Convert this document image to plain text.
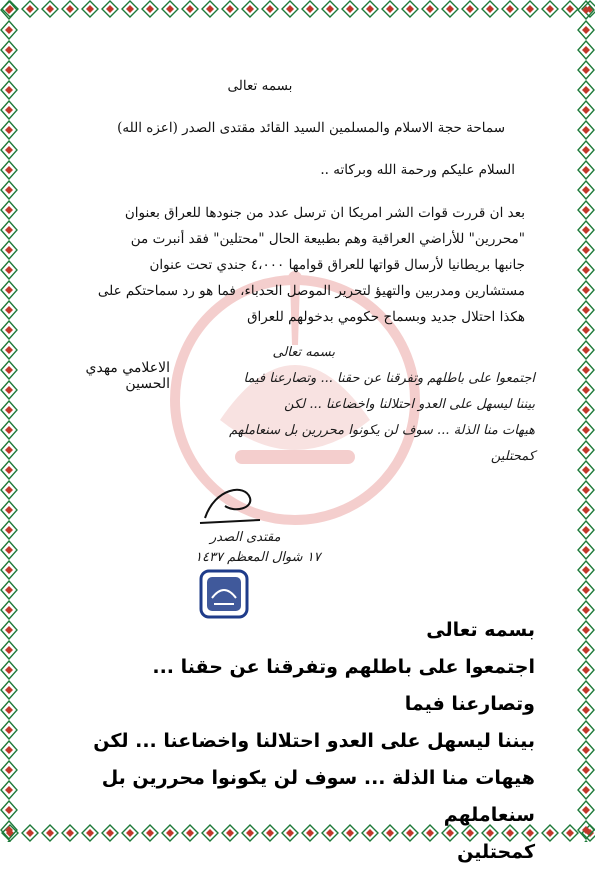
بسمه تعالى
سماحة حجة الاسلام والمسلمين السيد القائد مقتدى الصدر (اعزه الله)
السلام عليكم ورحمة الله وبركاته ..
بعد ان قررت قوات الشر امريكا ان ترسل عدد من جنودها للعراق بعنوان
"محررين" للأراضي العراقية وهم بطبيعة الحال "محتلين" فقد أنبرت من
جانبها بريطانيا لأرسال قواتها للعراق قوامها ٤،٠٠٠ جندي تحت عنوان
مستشارين ومدربين والتهيؤ لتحرير الموصل الحدباء، فما هو رد سماحتكم على
هكذا احتلال جديد وبسماح حكومي بدخولهم للعراق
الاعلامي مهدي الحسين
بسمه تعالى
اجتمعوا على باطلهم وتفرقنا عن حقنا ... وتصارعنا فيما
بيننا ليسهل على العدو احتلالنا واخضاعنا ... لكن
هيهات منا الذلة ... سوف لن يكونوا محررين بل سنعاملهم
كمحتلين
مقتدى الصدر
١٧ شوال المعظم ١٤٣٧
بسمه تعالى
اجتمعوا على باطلهم وتفرقنا عن حقنا ... وتصارعنا فيما
بيننا ليسهل على العدو احتلالنا واخضاعنا ... لكن
هيهات منا الذلة ... سوف لن يكونوا محررين بل سنعاملهم
كمحتلين
